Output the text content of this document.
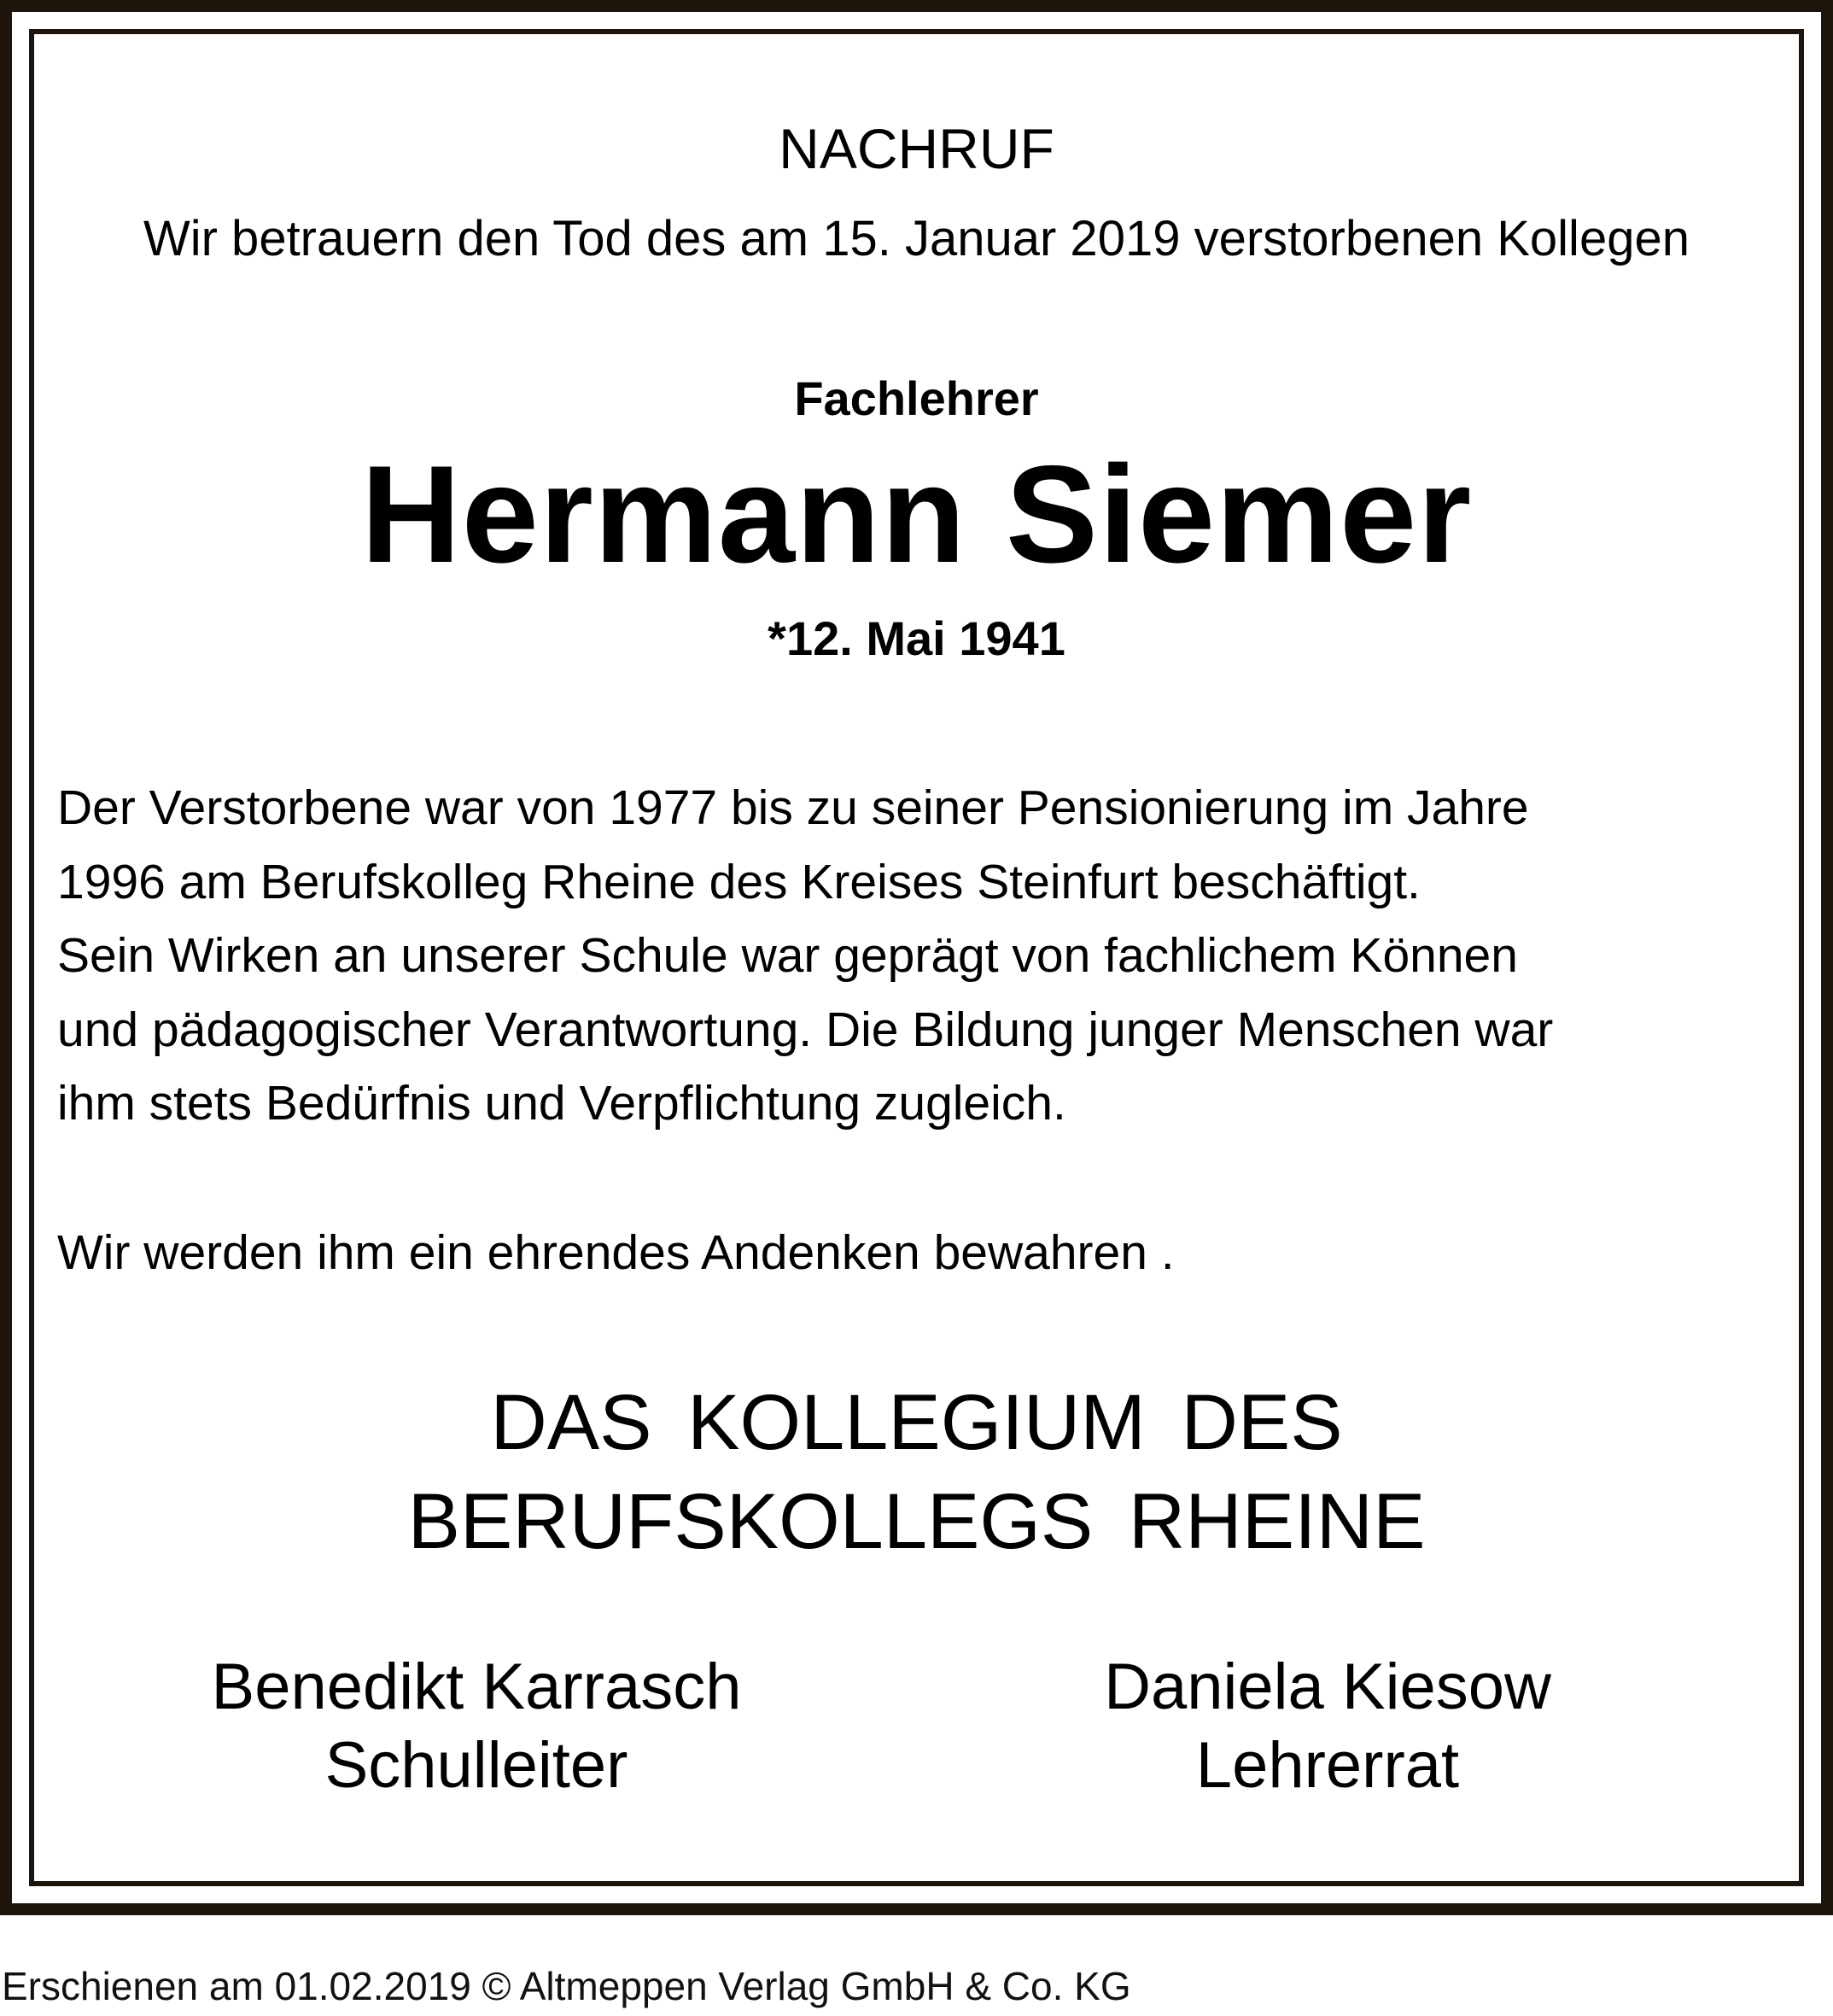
NACHRUF
Wir betrauern den Tod des am 15. Januar 2019 verstorbenen Kollegen
Fachlehrer
Hermann Siemer
*12. Mai 1941
Der Verstorbene war von 1977 bis zu seiner Pensionierung im Jahre
1996 am Berufskolleg Rheine des Kreises Steinfurt beschäftigt.
Sein Wirken an unserer Schule war geprägt von fachlichem Können
und pädagogischer Verantwortung. Die Bildung junger Menschen war
ihm stets Bedürfnis und Verpflichtung zugleich.
Wir werden ihm ein ehrendes Andenken bewahren .
DAS KOLLEGIUM DES
BERUFSKOLLEGS RHEINE
Benedikt Karrasch
Schulleiter
Daniela Kiesow
Lehrerrat
Erschienen am 01.02.2019 © Altmeppen Verlag GmbH & Co. KG
